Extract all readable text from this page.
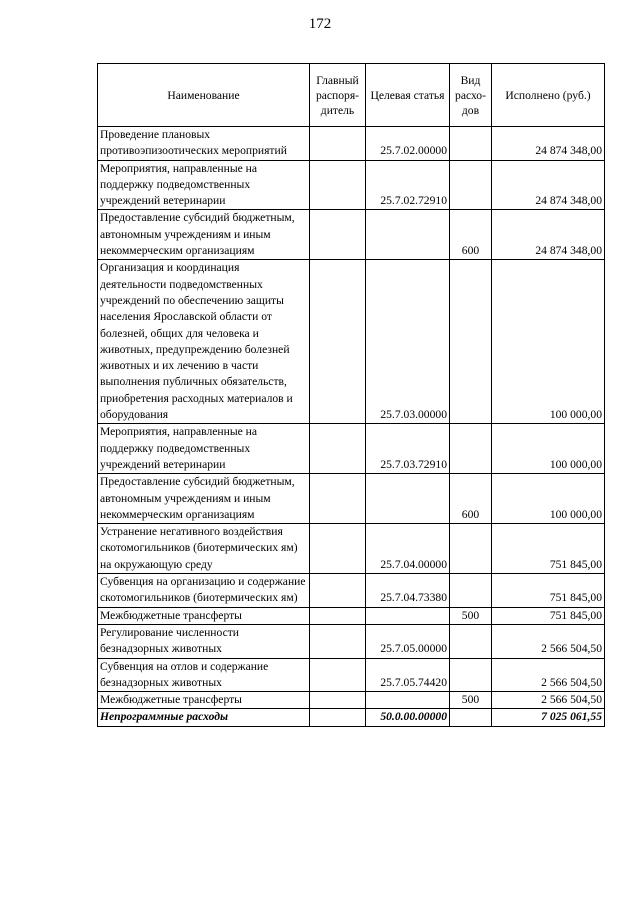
172
Наименование	Главный распоря-дитель	Целевая статья	Вид расхо-дов	Исполнено (руб.)
Проведение плановых противоэпизоотических мероприятий		25.7.02.00000		24 874 348,00
Мероприятия, направленные на поддержку подведомственных учреждений ветеринарии		25.7.02.72910		24 874 348,00
Предоставление субсидий бюджетным, автономным учреждениям и иным некоммерческим организациям			600	24 874 348,00
Организация и координация деятельности подведомственных учреждений по обеспечению защиты населения Ярославской области от болезней, общих для человека и животных, предупреждению болезней животных и их лечению в части выполнения публичных обязательств, приобретения расходных материалов и оборудования		25.7.03.00000		100 000,00
Мероприятия, направленные на поддержку подведомственных учреждений ветеринарии		25.7.03.72910		100 000,00
Предоставление субсидий бюджетным, автономным учреждениям и иным некоммерческим организациям			600	100 000,00
Устранение негативного воздействия скотомогильников (биотермических ям) на окружающую среду		25.7.04.00000		751 845,00
Субвенция на организацию и содержание скотомогильников (биотермических ям)		25.7.04.73380		751 845,00
Межбюджетные трансферты			500	751 845,00
Регулирование численности безнадзорных животных		25.7.05.00000		2 566 504,50
Субвенция на отлов и содержание безнадзорных животных		25.7.05.74420		2 566 504,50
Межбюджетные трансферты			500	2 566 504,50
Непрограммные расходы		50.0.00.00000		7 025 061,55
